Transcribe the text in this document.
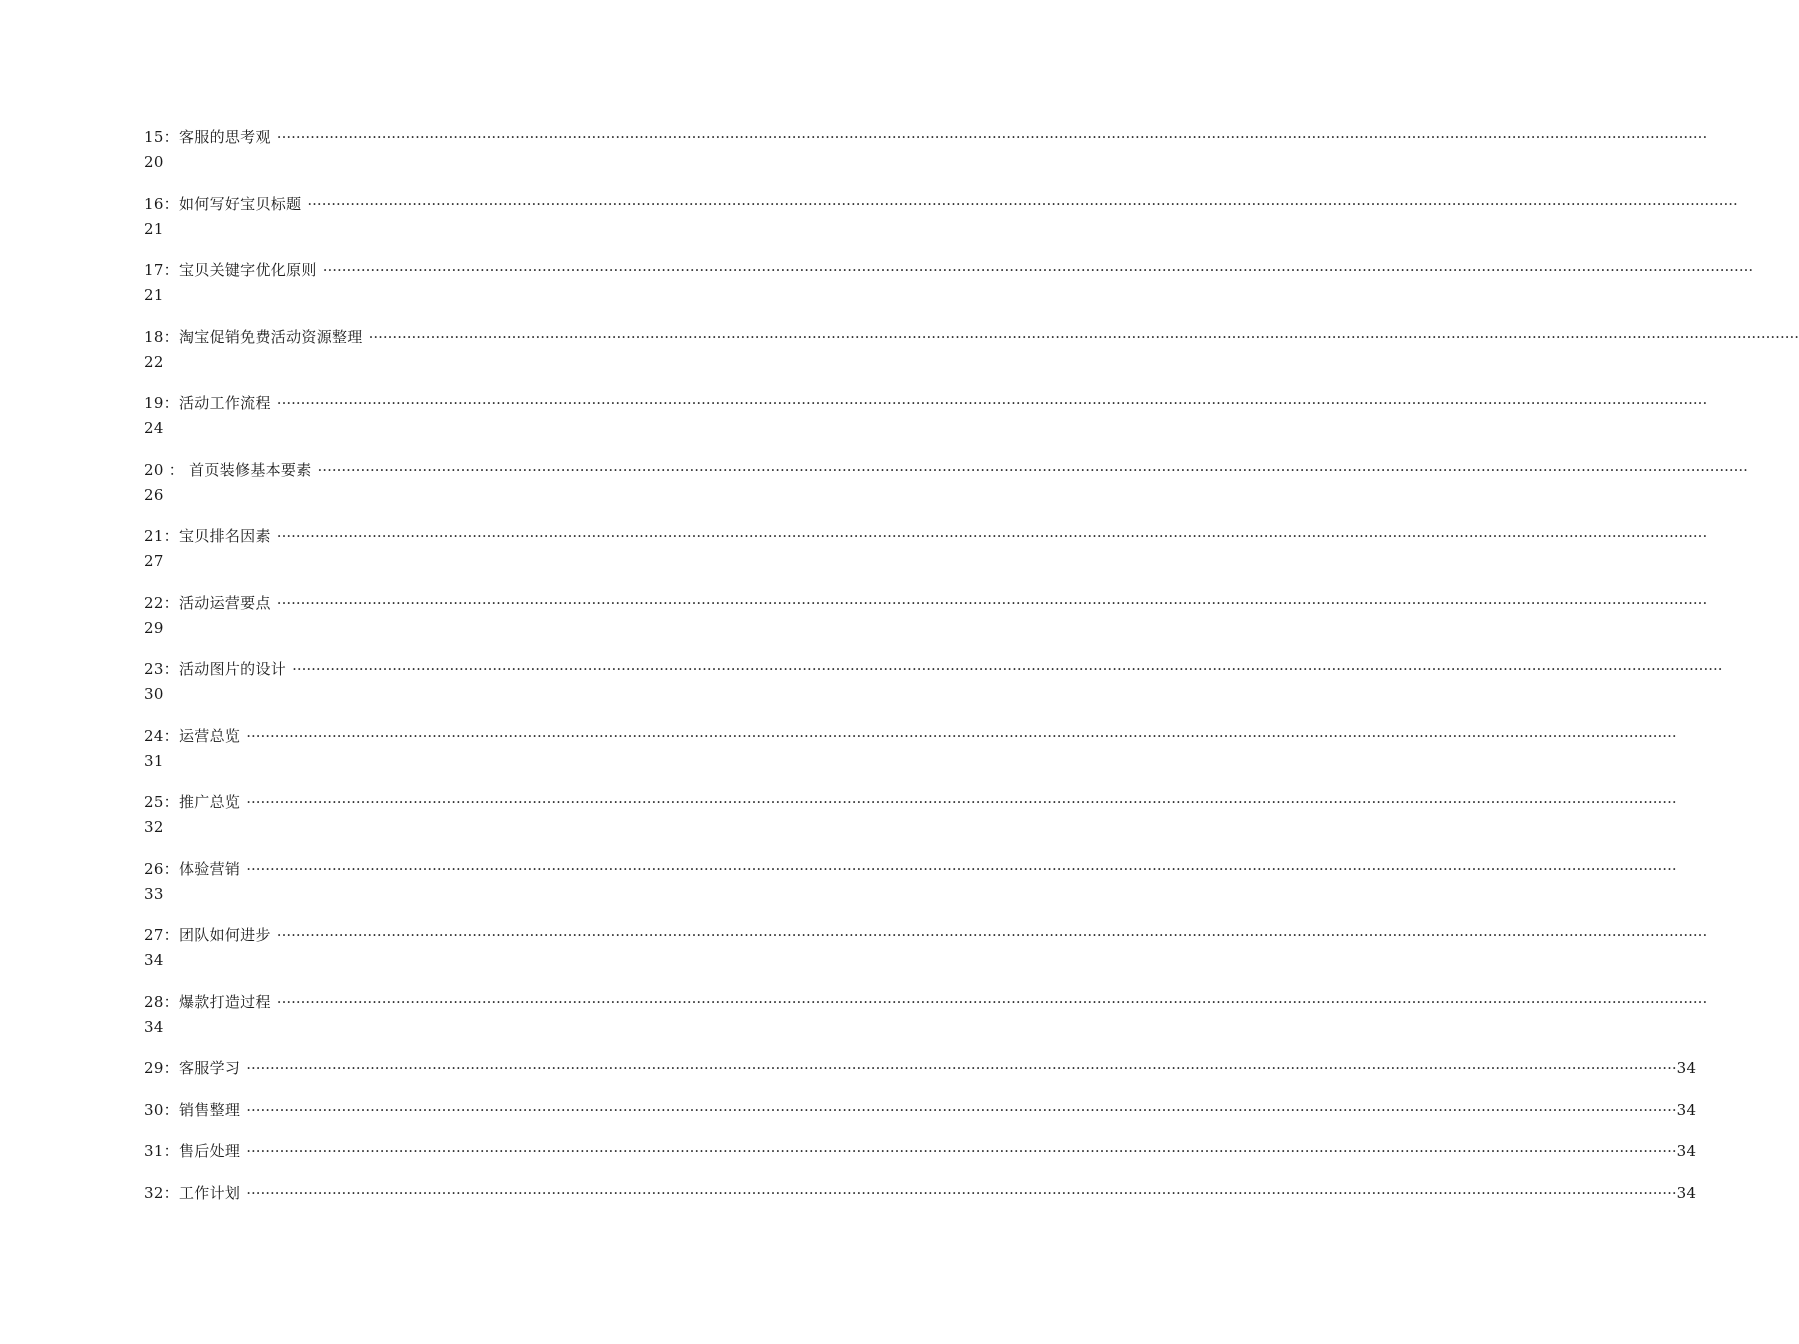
15：客服的思考观 ············································································································································································································································································································
20
16：如何写好宝贝标题 ············································································································································································································································································································
21
17：宝贝关键字优化原则 ············································································································································································································································································································
21
18：淘宝促销免费活动资源整理 ············································································································································································································································································································
22
19：活动工作流程 ············································································································································································································································································································
24
20 ： 首页装修基本要素 ············································································································································································································································································································
26
21：宝贝排名因素 ············································································································································································································································································································
27
22：活动运营要点 ············································································································································································································································································································
29
23：活动图片的设计 ············································································································································································································································································································
30
24：运营总览 ············································································································································································································································································································
31
25：推广总览 ············································································································································································································································································································
32
26：体验营销 ············································································································································································································································································································
33
27：团队如何进步 ············································································································································································································································································································
34
28：爆款打造过程 ············································································································································································································································································································
34
29：客服学习 ············································································································································································································································································································ 34
30：销售整理 ············································································································································································································································································································ 34
31：售后处理 ············································································································································································································································································································ 34
32：工作计划 ············································································································································································································································································································ 34
